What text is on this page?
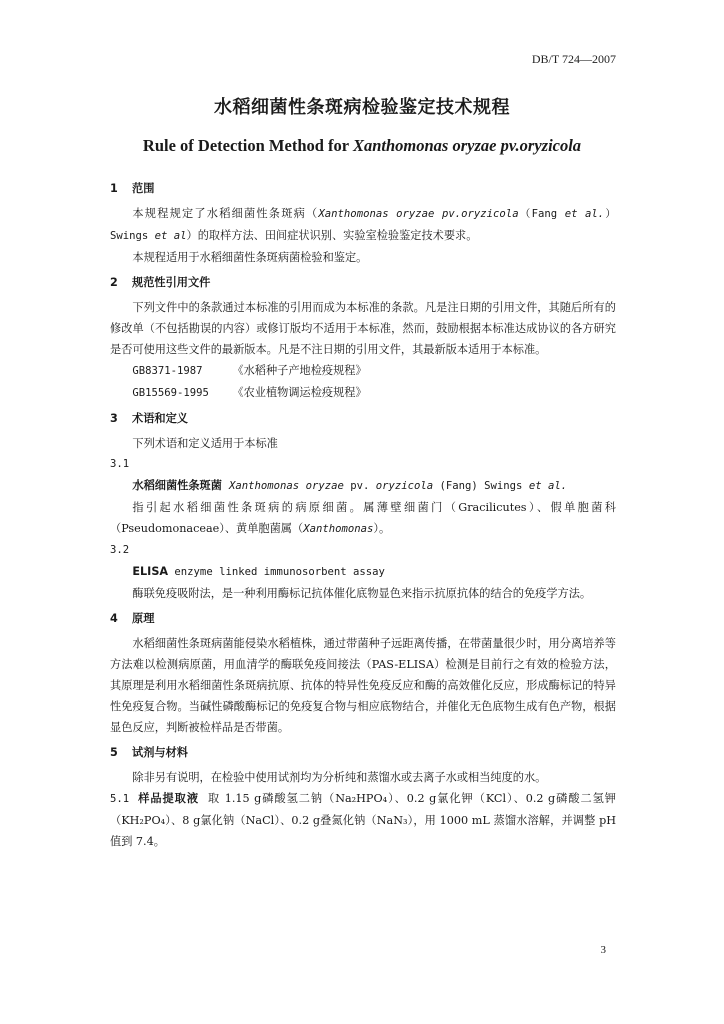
DB/T 724—2007
水稻细菌性条斑病检验鉴定技术规程
Rule of Detection Method for Xanthomonas oryzae pv.oryzicola

1 范围

本规程规定了水稻细菌性条斑病（Xanthomonas oryzae pv.oryzicola（Fang et al.）Swings et al）的取样方法、田间症状识别、实验室检验鉴定技术要求。

本规程适用于水稻细菌性条斑病菌检验和鉴定。

2 规范性引用文件

下列文件中的条款通过本标准的引用而成为本标准的条款。凡是注日期的引用文件，其随后所有的修改单（不包括勘误的内容）或修订版均不适用于本标准，然而，鼓励根据本标准达成协议的各方研究是否可使用这些文件的最新版本。凡是不注日期的引用文件，其最新版本适用于本标准。

GB8371-1987	《水稻种子产地检疫规程》

GB15569-1995 《农业植物调运检疫规程》

3 术语和定义

下列术语和定义适用于本标准

3.1

水稻细菌性条斑菌 Xanthomonas oryzae pv. oryzicola (Fang) Swings et al.

指引起水稻细菌性条斑病的病原细菌。属薄壁细菌门（Gracilicutes）、假单胞菌科（Pseudomonaceae）、黄单胞菌属（Xanthomonas）。

3.2

ELISA enzyme linked immunosorbent assay

酶联免疫吸附法，是一种利用酶标记抗体催化底物显色来指示抗原抗体的结合的免疫学方法。

4 原理

水稻细菌性条斑病菌能侵染水稻植株，通过带菌种子远距离传播，在带菌量很少时，用分离培养等方法难以检测病原菌，用血清学的酶联免疫间接法（PAS-ELISA）检测是目前行之有效的检验方法，其原理是利用水稻细菌性条斑病抗原、抗体的特异性免疫反应和酶的高效催化反应，形成酶标记的特异性免疫复合物。当碱性磷酸酶标记的免疫复合物与相应底物结合，并催化无色底物生成有色产物，根据显色反应，判断被检样品是否带菌。

5 试剂与材料

除非另有说明，在检验中使用试剂均为分析纯和蒸馏水或去离子水或相当纯度的水。

5.1 样品提取液 取 1.15 g磷酸氢二钠（Na₂HPO₄）、0.2 g氯化钾（KCl）、0.2 g磷酸二氢钾（KH₂PO₄）、8 g氯化钠（NaCl）、0.2 g叠氮化钠（NaN₃），用 1000 mL 蒸馏水溶解，并调整 pH 值到 7.4。

3
